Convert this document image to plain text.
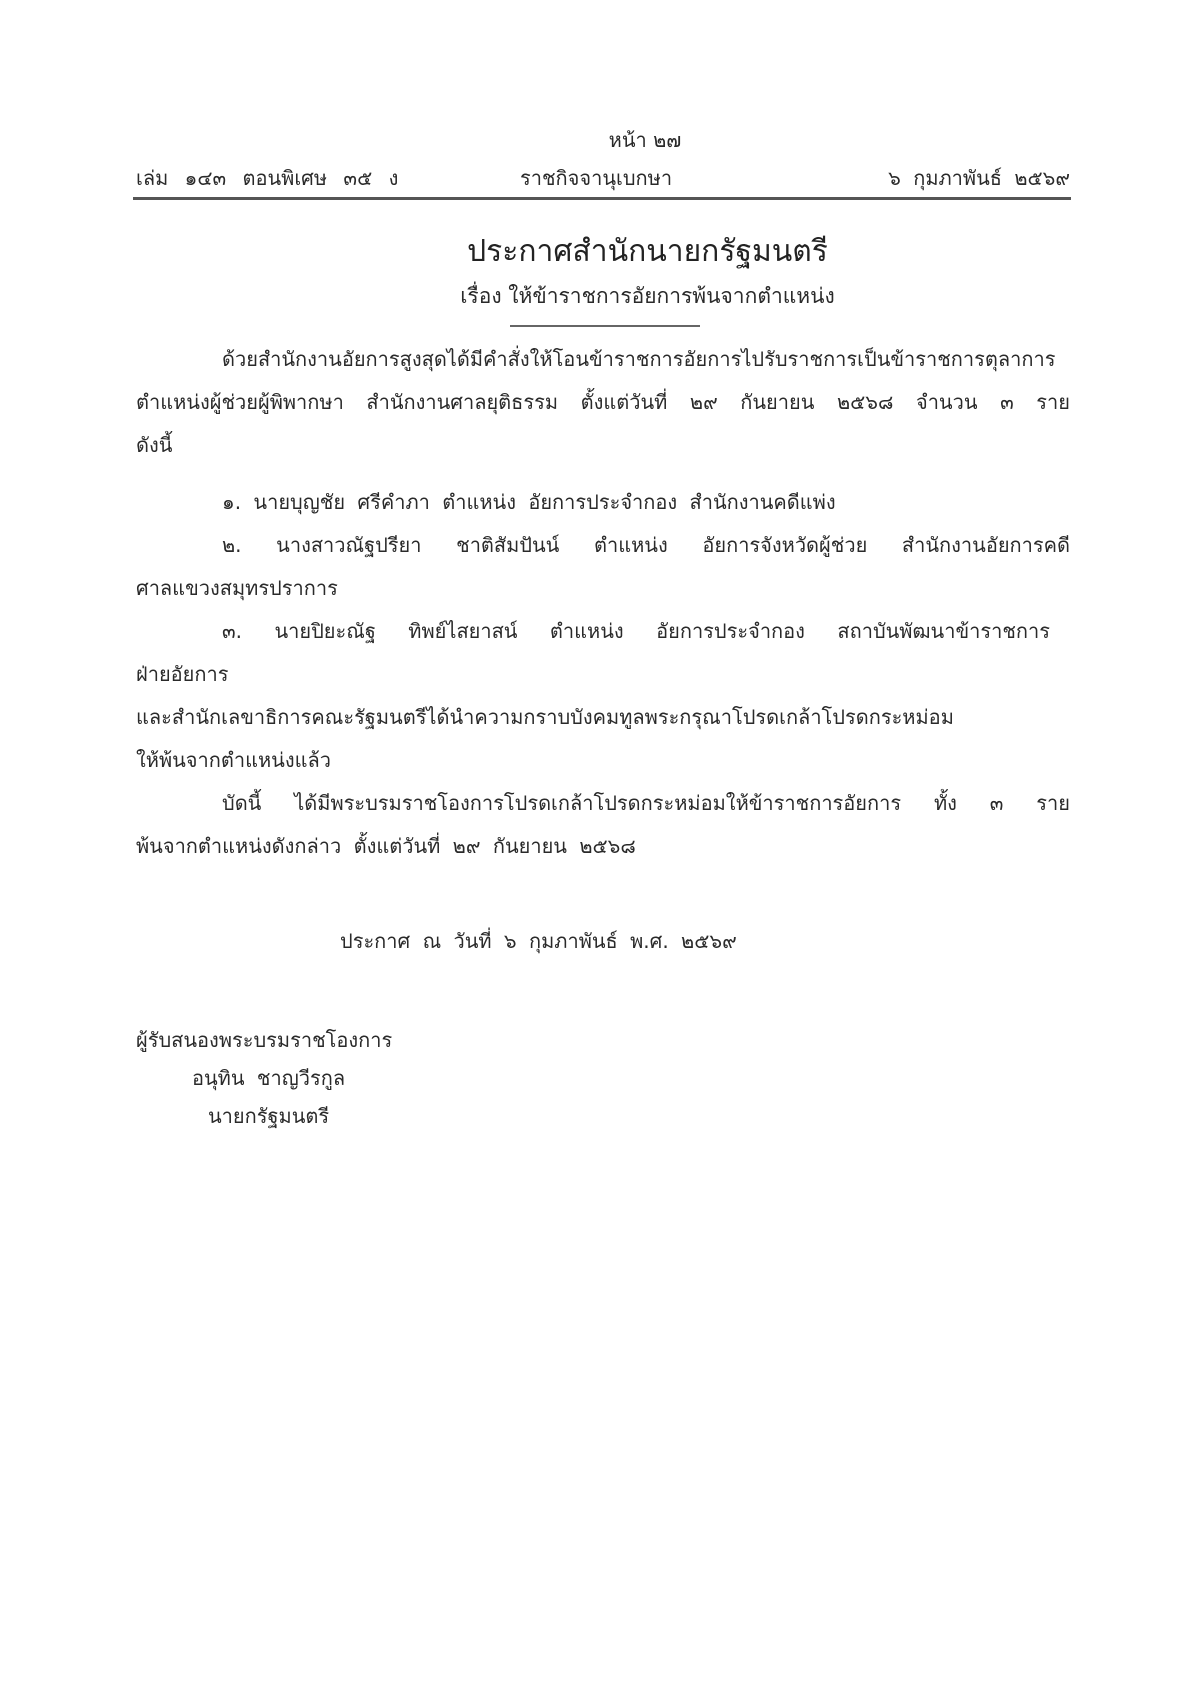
หน้า ๒๗
เล่ม ๑๔๓ ตอนพิเศษ ๓๕ ง	ราชกิจจานุเบกษา	๖ กุมภาพันธ์ ๒๕๖๙
ประกาศสำนักนายกรัฐมนตรี
เรื่อง ให้ข้าราชการอัยการพ้นจากตำแหน่ง
ด้วยสำนักงานอัยการสูงสุดได้มีคำสั่งให้โอนข้าราชการอัยการไปรับราชการเป็นข้าราชการตุลาการ
ตำแหน่งผู้ช่วยผู้พิพากษา สำนักงานศาลยุติธรรม ตั้งแต่วันที่ ๒๙ กันยายน ๒๕๖๘ จำนวน ๓ ราย
ดังนี้
๑. นายบุญชัย ศรีคำภา ตำแหน่ง อัยการประจำกอง สำนักงานคดีแพ่ง
๒. นางสาวณัฐปรียา ชาติสัมปันน์ ตำแหน่ง อัยการจังหวัดผู้ช่วย สำนักงานอัยการคดี
ศาลแขวงสมุทรปราการ
๓. นายปิยะณัฐ ทิพย์ไสยาสน์ ตำแหน่ง อัยการประจำกอง สถาบันพัฒนาข้าราชการ
ฝ่ายอัยการ
และสำนักเลขาธิการคณะรัฐมนตรีได้นำความกราบบังคมทูลพระกรุณาโปรดเกล้าโปรดกระหม่อม
ให้พ้นจากตำแหน่งแล้ว
บัดนี้ ได้มีพระบรมราชโองการโปรดเกล้าโปรดกระหม่อมให้ข้าราชการอัยการ ทั้ง ๓ ราย
พ้นจากตำแหน่งดังกล่าว ตั้งแต่วันที่ ๒๙ กันยายน ๒๕๖๘
ประกาศ ณ วันที่ ๖ กุมภาพันธ์ พ.ศ. ๒๕๖๙
ผู้รับสนองพระบรมราชโองการ
อนุทิน ชาญวีรกูล
นายกรัฐมนตรี
